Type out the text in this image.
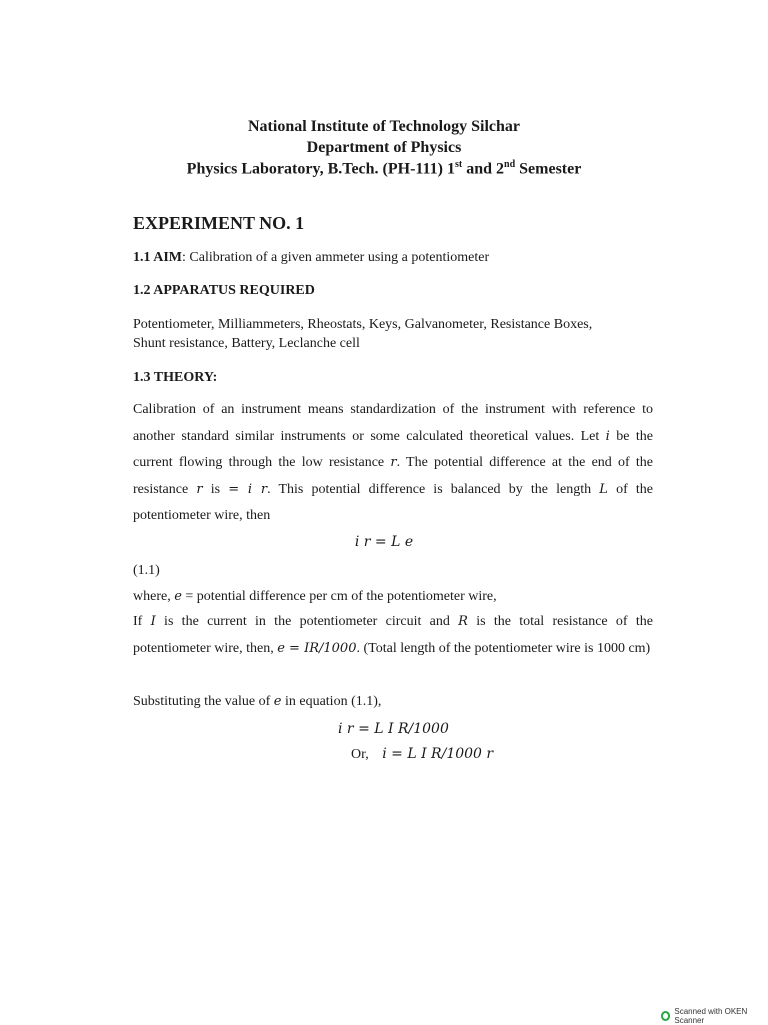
National Institute of Technology Silchar
Department of Physics
Physics Laboratory, B.Tech. (PH-111) 1st and 2nd Semester
EXPERIMENT NO. 1
1.1 AIM: Calibration of a given ammeter using a potentiometer
1.2 APPARATUS REQUIRED
Potentiometer, Milliammeters, Rheostats, Keys, Galvanometer, Resistance Boxes,
Shunt resistance, Battery, Leclanche cell
1.3 THEORY:
Calibration of an instrument means standardization of the instrument with reference to another standard similar instruments or some calculated theoretical values. Let i be the current flowing through the low resistance r. The potential difference at the end of the resistance r is = i r. This potential difference is balanced by the length L of the potentiometer wire, then
i r = L e
(1.1)
where, e = potential difference per cm of the potentiometer wire,
If I is the current in the potentiometer circuit and R is the total resistance of the potentiometer wire, then, e = IR/1000. (Total length of the potentiometer wire is 1000 cm)
Substituting the value of e in equation (1.1),
i r = L I R/1000
Or, i = L I R/1000 r
Scanned with OKEN Scanner
